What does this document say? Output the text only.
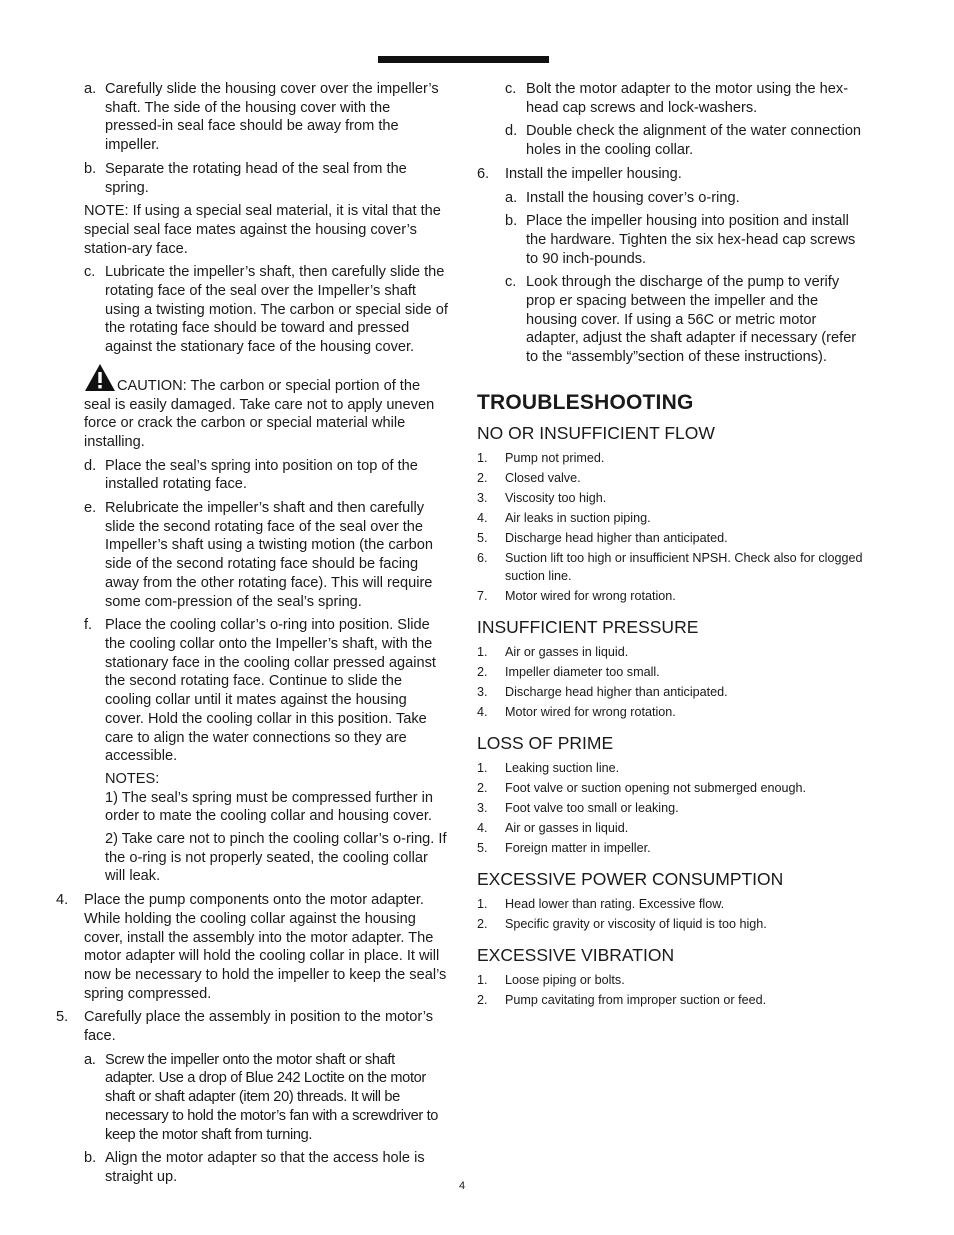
a. Carefully slide the housing cover over the impeller’s shaft. The side of the housing cover with the pressed-in seal face should be away from the impeller.
b. Separate the rotating head of the seal from the spring.
NOTE: If using a special seal material, it is vital that the special seal face mates against the housing cover’s station-ary face.
c. Lubricate the impeller’s shaft, then carefully slide the rotating face of the seal over the Impeller’s shaft using a twisting motion. The carbon or special side of the rotating face should be toward and pressed against the stationary face of the housing cover.
CAUTION: The carbon or special portion of the seal is easily damaged. Take care not to apply uneven force or crack the carbon or special material while installing.
d. Place the seal’s spring into position on top of the installed rotating face.
e. Relubricate the impeller’s shaft and then carefully slide the second rotating face of the seal over the Impeller’s shaft using a twisting motion (the carbon side of the second rotating face should be facing away from the other rotating face). This will require some com-pression of the seal’s spring.
f. Place the cooling collar’s o-ring into position. Slide the cooling collar onto the Impeller’s shaft, with the stationary face in the cooling collar pressed against the second rotating face. Continue to slide the cooling collar until it mates against the housing cover. Hold the cooling collar in this position. Take care to align the water connections so they are accessible.
NOTES:
1) The seal’s spring must be compressed further in order to mate the cooling collar and housing cover.
2) Take care not to pinch the cooling collar’s o-ring. If the o-ring is not properly seated, the cooling collar will leak.
4. Place the pump components onto the motor adapter. While holding the cooling collar against the housing cover, install the assembly into the motor adapter. The motor adapter will hold the cooling collar in place. It will now be necessary to hold the impeller to keep the seal’s spring compressed.
5. Carefully place the assembly in position to the motor’s face.
a. Screw the impeller onto the motor shaft or shaft adapter. Use a drop of Blue 242 Loctite on the motor shaft or shaft adapter (item 20) threads. It will be necessary to hold the motor’s fan with a screwdriver to keep the motor shaft from turning.
b. Align the motor adapter so that the access hole is straight up.
c. Bolt the motor adapter to the motor using the hex-head cap screws and lock-washers.
d. Double check the alignment of the water connection holes in the cooling collar.
6. Install the impeller housing.
a. Install the housing cover’s o-ring.
b. Place the impeller housing into position and install the hardware. Tighten the six hex-head cap screws to 90 inch-pounds.
c. Look through the discharge of the pump to verify prop er spacing between the impeller and the housing cover. If using a 56C or metric motor adapter, adjust the shaft adapter if necessary (refer to the “assembly”section of these instructions).
TROUBLESHOOTING
NO OR INSUFFICIENT FLOW
1. Pump not primed.
2. Closed valve.
3. Viscosity too high.
4. Air leaks in suction piping.
5. Discharge head higher than anticipated.
6. Suction lift too high or insufficient NPSH. Check also for clogged suction line.
7. Motor wired for wrong rotation.
INSUFFICIENT PRESSURE
1. Air or gasses in liquid.
2. Impeller diameter too small.
3. Discharge head higher than anticipated.
4. Motor wired for wrong rotation.
LOSS OF PRIME
1. Leaking suction line.
2. Foot valve or suction opening not submerged enough.
3. Foot valve too small or leaking.
4. Air or gasses in liquid.
5. Foreign matter in impeller.
EXCESSIVE POWER CONSUMPTION
1. Head lower than rating. Excessive flow.
2. Specific gravity or viscosity of liquid is too high.
EXCESSIVE VIBRATION
1. Loose piping or bolts.
2. Pump cavitating from improper suction or feed.
4
